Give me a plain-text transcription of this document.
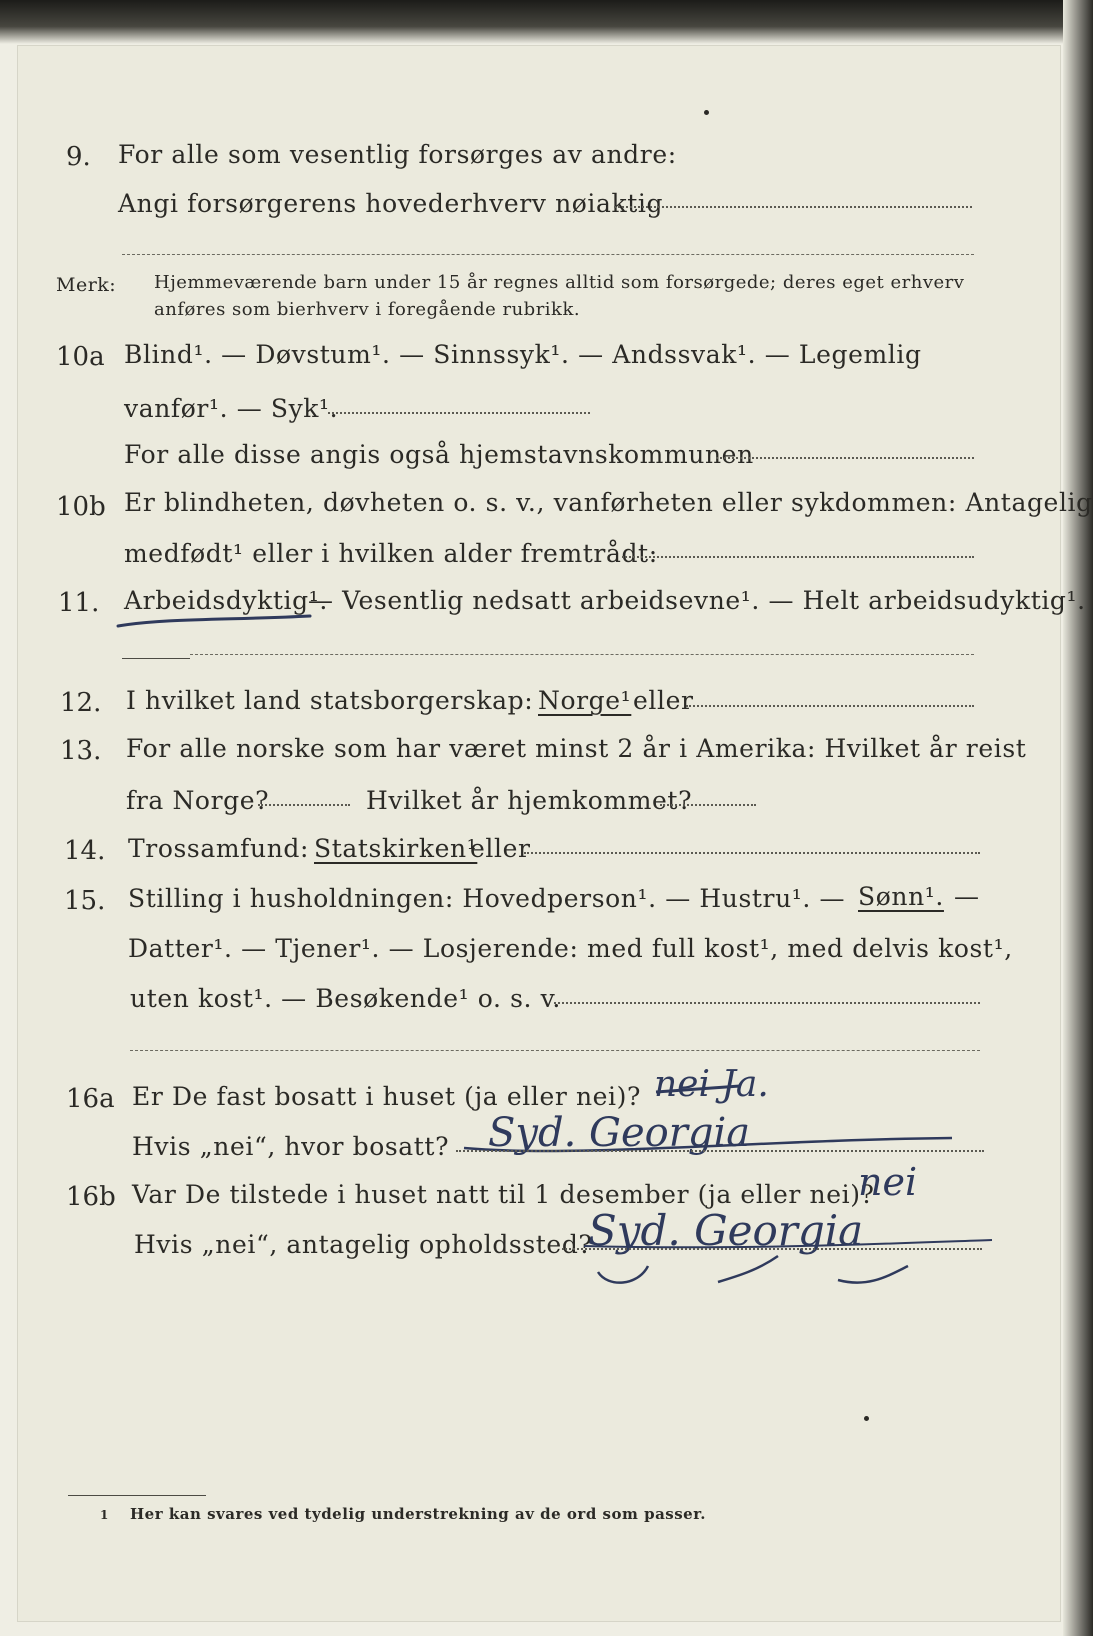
9. For alle som vesentlig forsørges av andre:
Angi forsørgerens hovederhverv nøiaktig
Merk: Hjemmeværende barn under 15 år regnes alltid som forsørgede; deres eget erhverv
anføres som bierhverv i foregående rubrikk.
10a Blind¹. — Døvstum¹. — Sinnssyk¹. — Andssvak¹. — Legemlig
vanfør¹. — Syk¹.
For alle disse angis også hjemstavnskommunen
10b Er blindheten, døvheten o. s. v., vanførheten eller sykdommen: Antagelig
medfødt¹ eller i hvilken alder fremtrådt:
11. Arbeidsdyktig¹.
— Vesentlig nedsatt arbeidsevne¹. — Helt arbeidsudyktig¹.
12. I hvilket land statsborgerskap: Norge¹ eller
13. For alle norske som har været minst 2 år i Amerika: Hvilket år reist
fra Norge?	Hvilket år hjemkommet?
14. Trossamfund: Statskirken¹
eller
15. Stilling i husholdningen: Hovedperson¹. — Hustru¹. — Sønn¹. —
Datter¹. — Tjener¹. — Losjerende: med full kost¹, med delvis kost¹,
uten kost¹. — Besøkende¹ o. s. v.
16a Er De fast bosatt i huset (ja eller nei)? nei Ja.
Hvis „nei“, hvor bosatt? Syd. Georgia
16b Var De tilstede i huset natt til 1 desember (ja eller nei)?
nei
Hvis „nei“, antagelig opholdssted?
Syd. Georgia
1 Her kan svares ved tydelig understrekning av de ord som passer.
